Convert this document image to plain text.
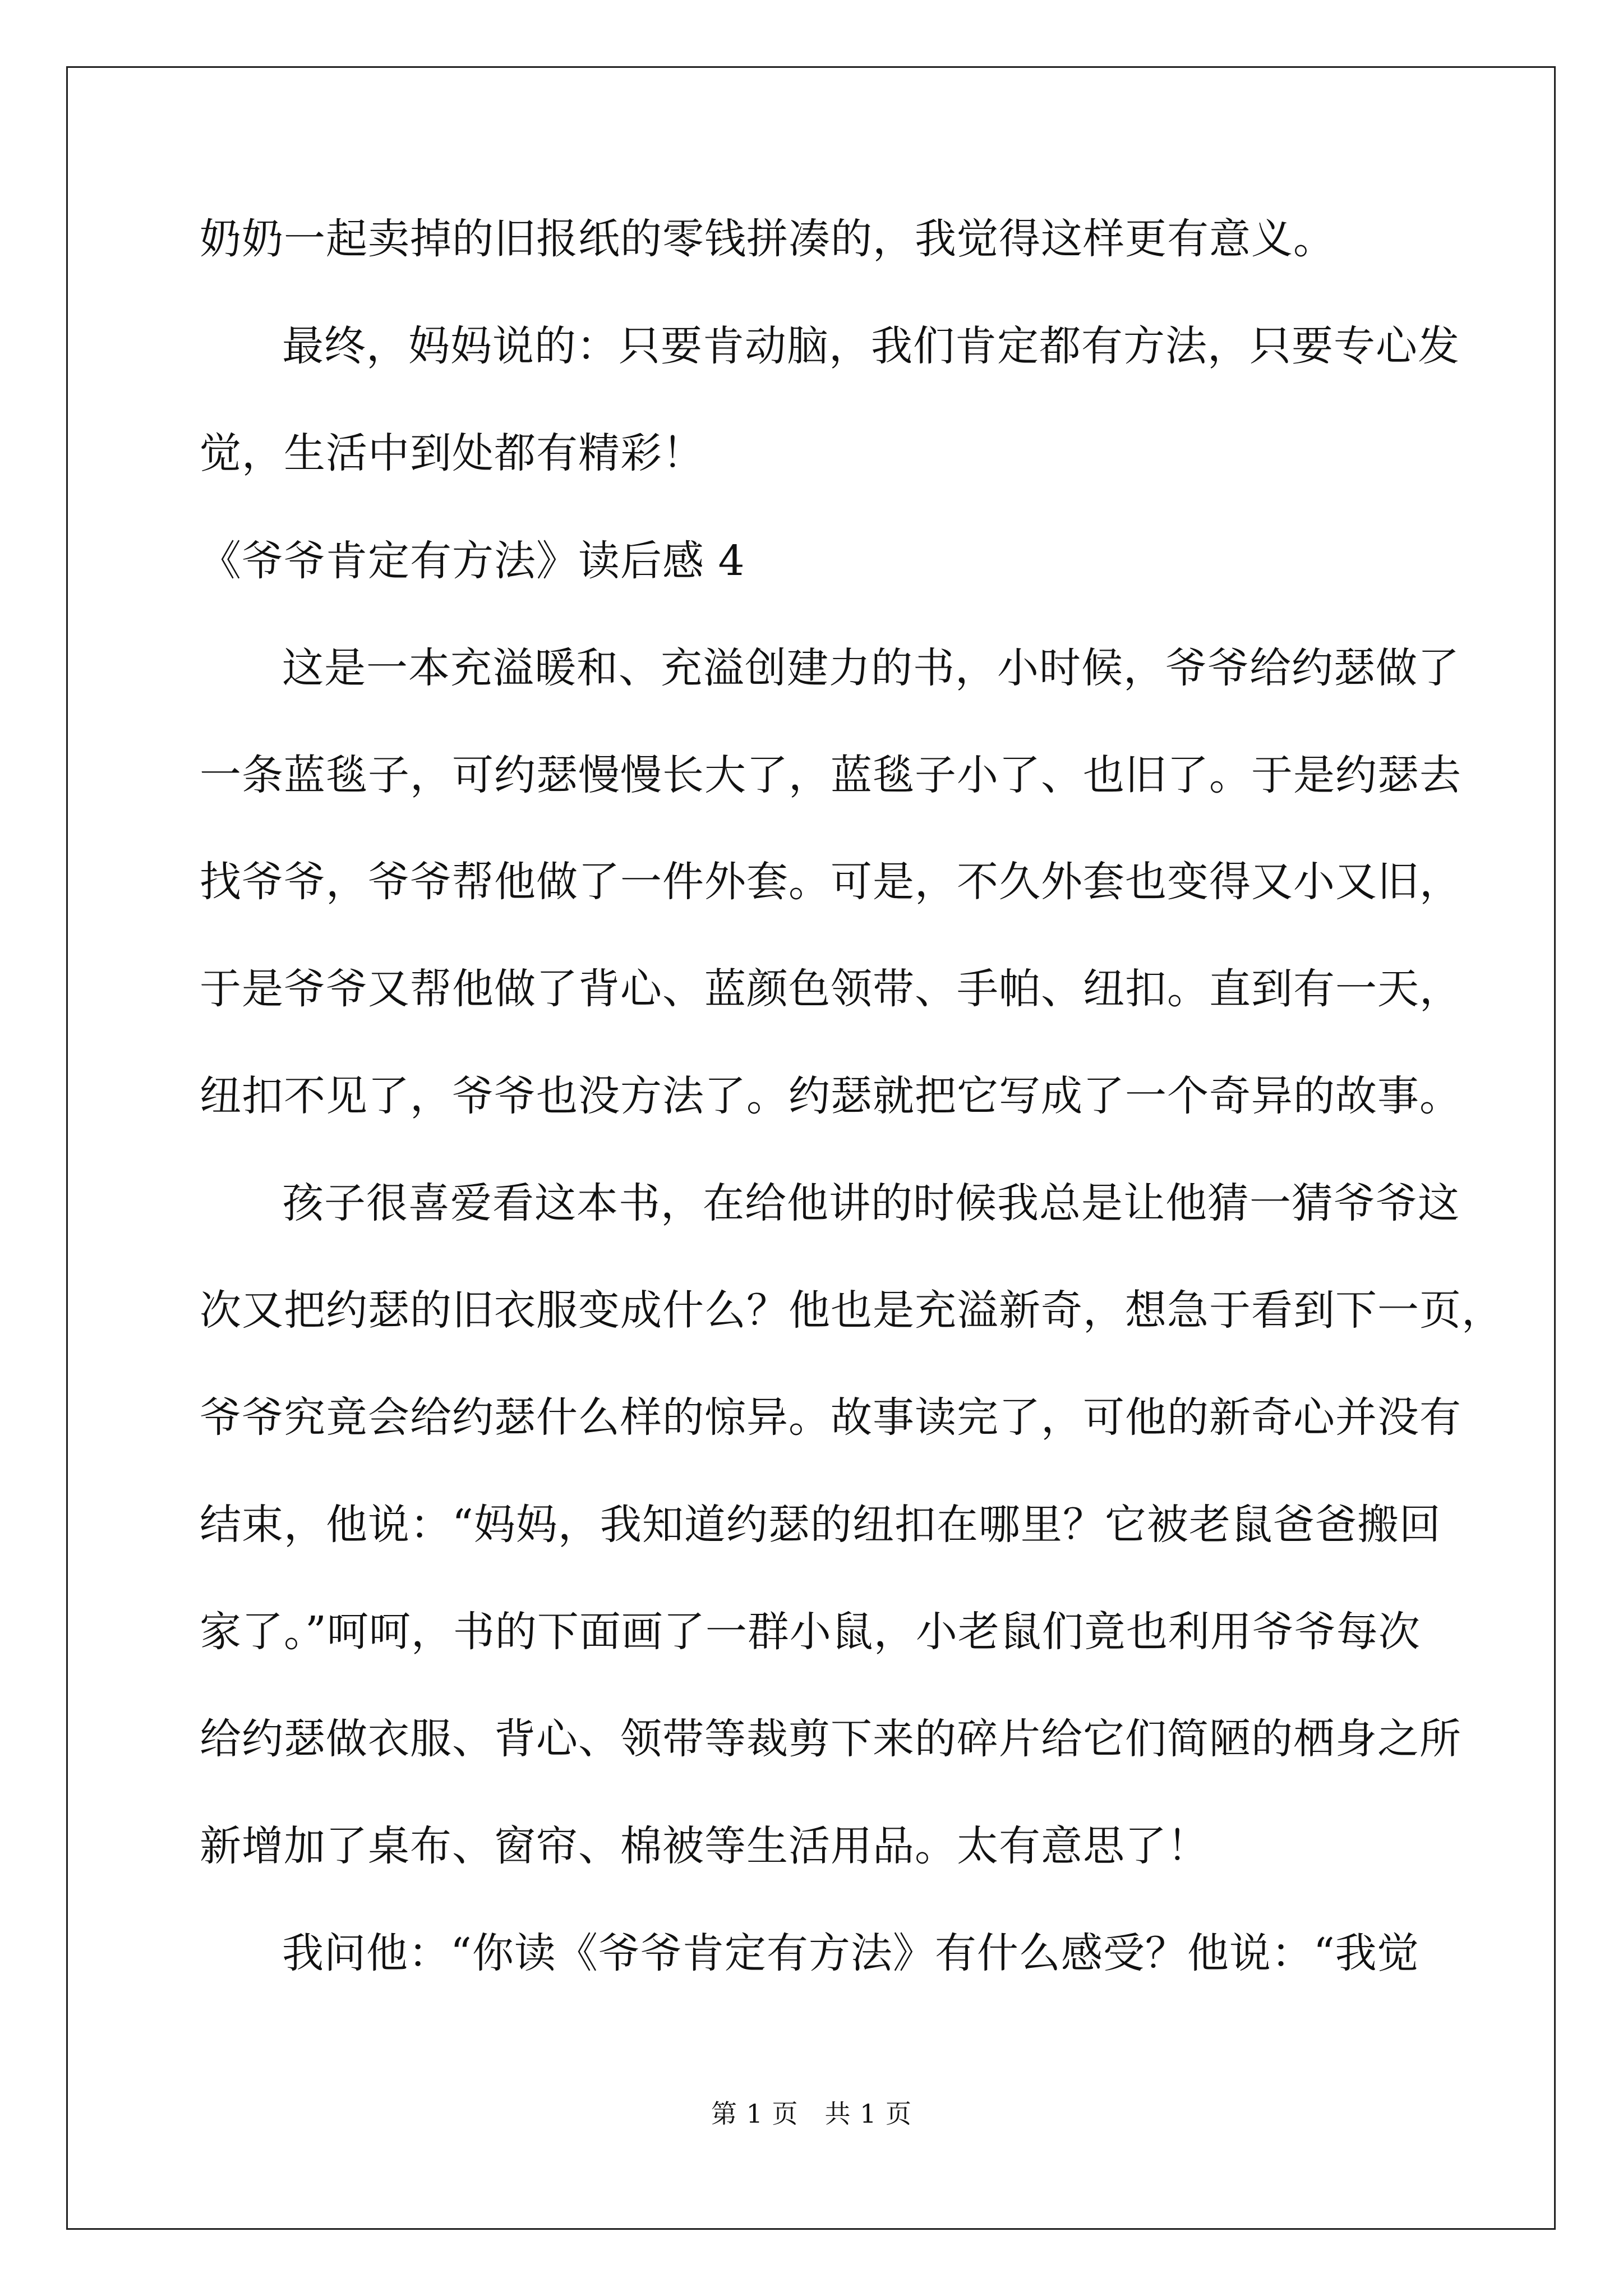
奶奶一起卖掉的旧报纸的零钱拼凑的，我觉得这样更有意义。

最终，妈妈说的：只要肯动脑，我们肯定都有方法，只要专心发

觉，生活中到处都有精彩！

《爷爷肯定有方法》读后感 4

这是一本充溢暖和、充溢创建力的书，小时候，爷爷给约瑟做了

一条蓝毯子，可约瑟慢慢长大了，蓝毯子小了、也旧了。于是约瑟去

找爷爷，爷爷帮他做了一件外套。可是，不久外套也变得又小又旧，

于是爷爷又帮他做了背心、蓝颜色领带、手帕、纽扣。直到有一天，

纽扣不见了，爷爷也没方法了。约瑟就把它写成了一个奇异的故事。

孩子很喜爱看这本书，在给他讲的时候我总是让他猜一猜爷爷这

次又把约瑟的旧衣服变成什么？他也是充溢新奇，想急于看到下一页，

爷爷究竟会给约瑟什么样的惊异。故事读完了，可他的新奇心并没有

结束，他说：“妈妈，我知道约瑟的纽扣在哪里？它被老鼠爸爸搬回

家了。”呵呵，书的下面画了一群小鼠，小老鼠们竟也利用爷爷每次

给约瑟做衣服、背心、领带等裁剪下来的碎片给它们简陋的栖身之所

新增加了桌布、窗帘、棉被等生活用品。太有意思了！

我问他：“你读《爷爷肯定有方法》有什么感受？他说：“我觉

第 1 页　共 1 页
